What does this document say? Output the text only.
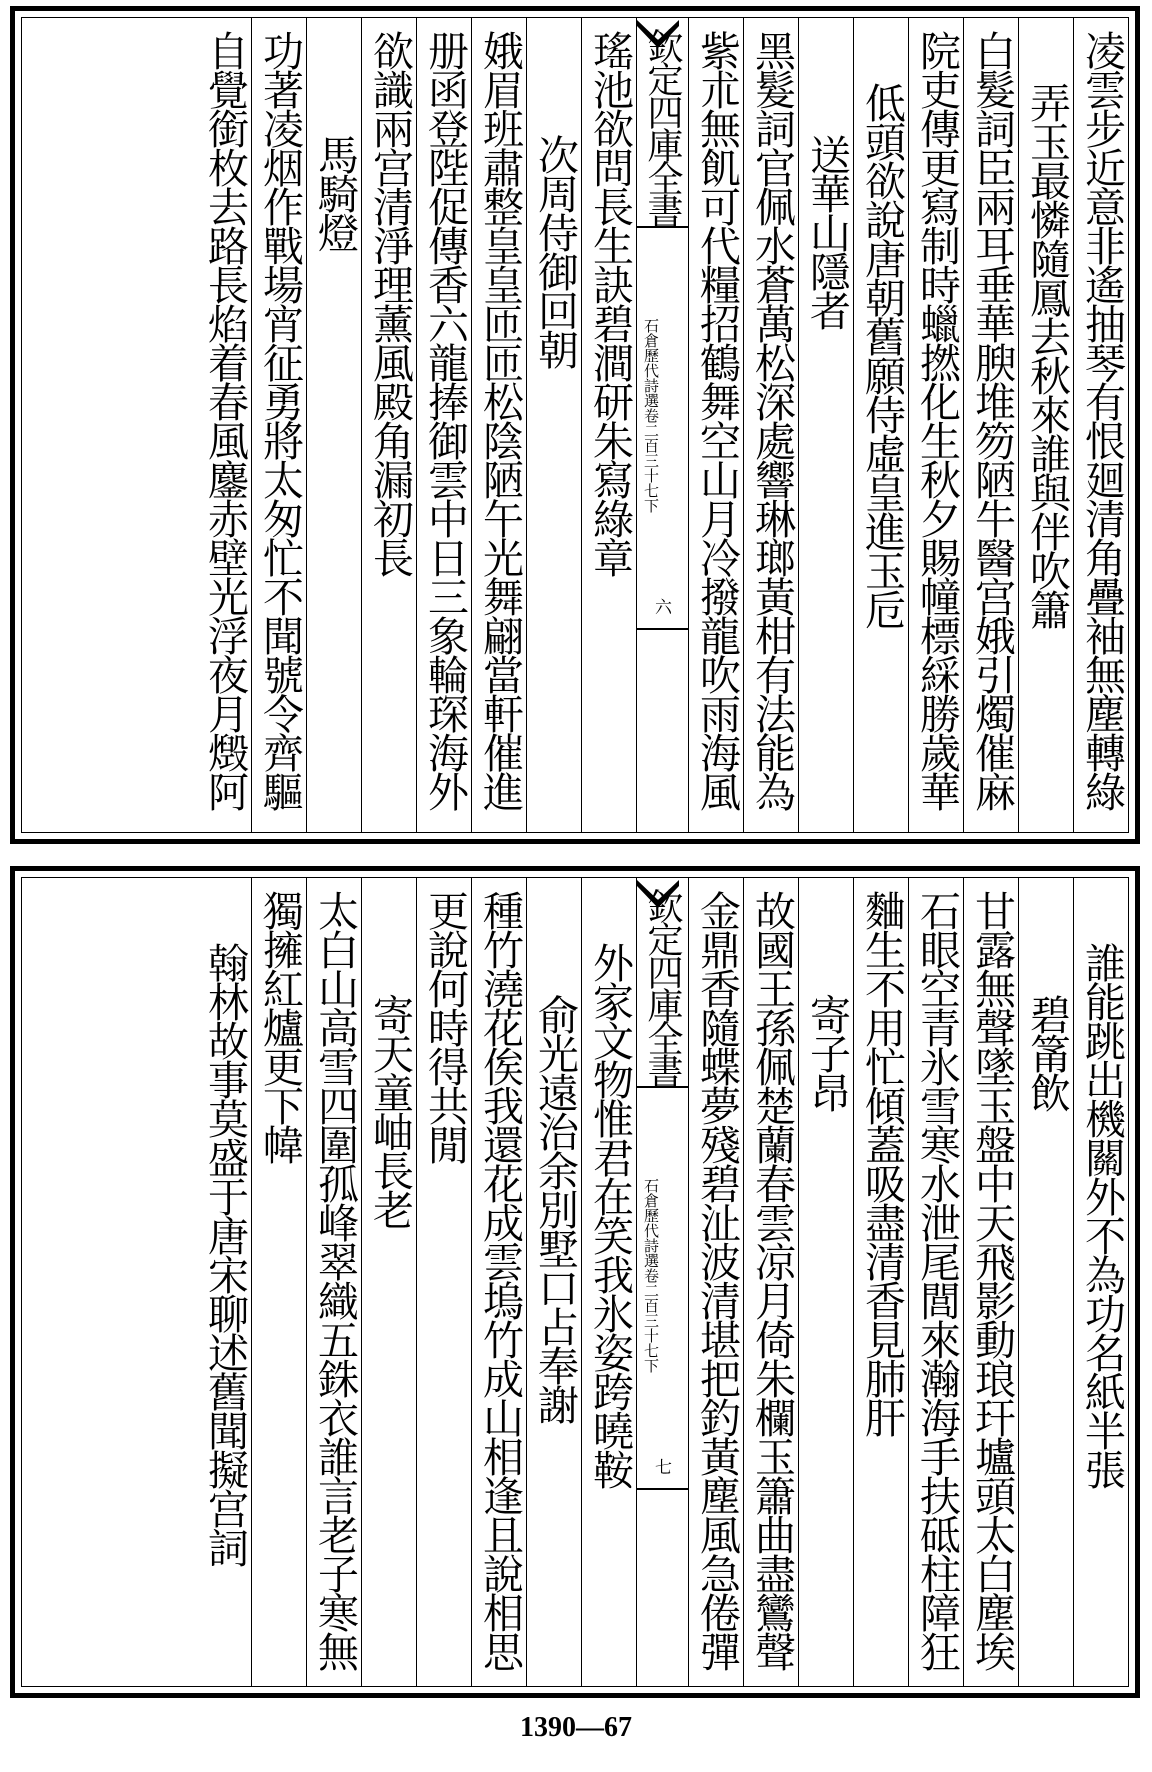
凌雲步近意非遙抽琴有恨廻清角疊袖無塵轉綠
弄玉最憐隨鳳去秋來誰與伴吹簫
白髮詞臣兩耳垂華腴堆笏陋牛醫宫娥引燭催麻
院吏傳更寫制時蠟撚化生秋夕賜幢標綵勝歲華
低頭欲說唐朝舊願侍虛皇進玉卮
送華山隱者
黑髮詞官佩水蒼萬松深處響琳瑯黃柑有法能為
紫朮無飢可代糧招鶴舞空山月冷撥龍吹雨海風
欽定四庫全書
石倉歷代詩選卷二百三十七下
六
瑤池欲問長生訣碧澗研朱寫綠章
次周侍御回朝
娥眉班肅整皇皇匝匝松陰陋午光舞翩當軒催進
册函登陛促傳香六龍捧御雲中日三象輪琛海外
欲識兩宫清淨理薰風殿角漏初長
馬騎燈
功著凌烟作戰場宵征勇將太匆忙不聞號令齊驅
自覺銜枚去路長焰着春風鏖赤壁光浮夜月燬阿
誰能跳出機關外不為功名紙半張
碧筩飲
甘露無聲墜玉盤中天飛影動琅玕壚頭太白塵埃
石眼空青氷雪寒水泄尾閭來瀚海手扶砥柱障狂
麯生不用忙傾蓋吸盡清香見肺肝
寄子昂
故國王孫佩楚蘭春雲凉月倚朱欄玉簫曲盡鸞聲
金鼎香隨蝶夢殘碧沚波清堪把釣黃塵風急倦彈
欽定四庫全書
石倉歷代詩選卷二百三十七下
七
外家文物惟君在笑我氷姿跨曉鞍
俞光遠治余別墅口占奉謝
種竹澆花俟我還花成雲塢竹成山相逢且說相思
更說何時得共閒
寄天童岫長老
太白山高雪四圍孤峰翠織五銖衣誰言老子寒無
獨擁紅爐更下幃
翰林故事莫盛于唐宋聊述舊聞擬宫詞
1390—67
